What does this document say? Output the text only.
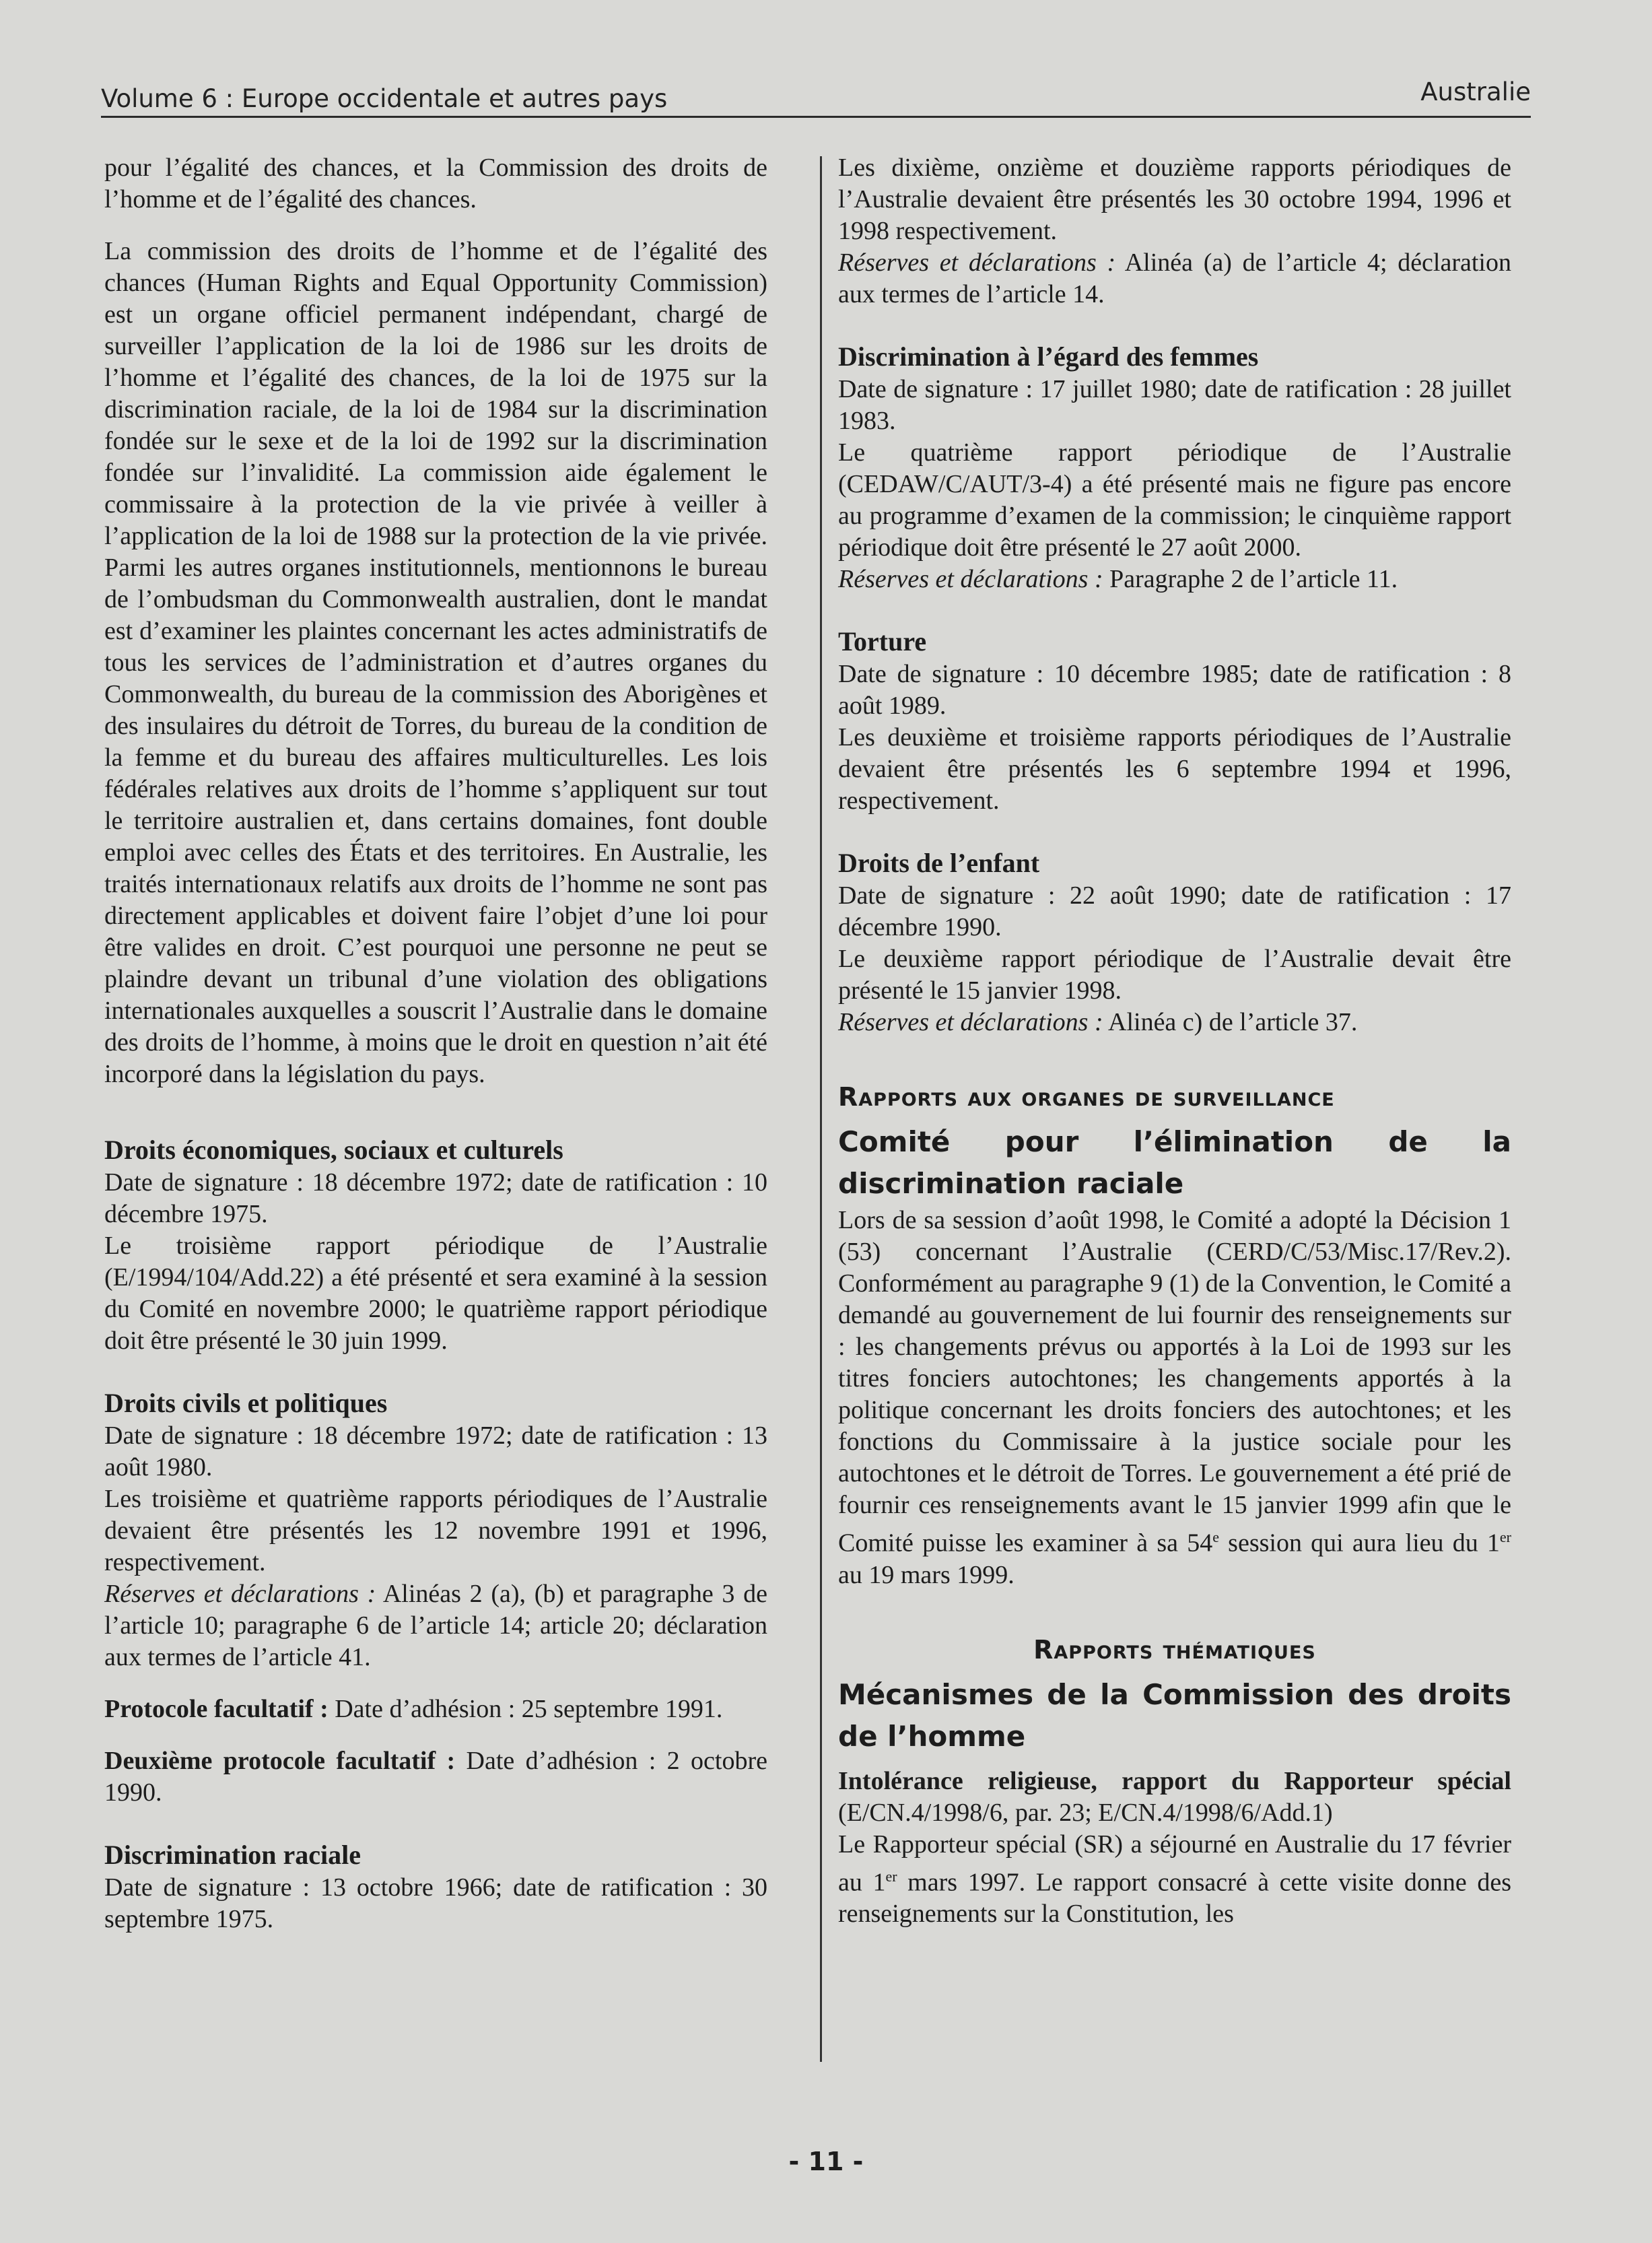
Volume 6 : Europe occidentale et autres pays	Australie

pour l’égalité des chances, et la Commission des droits de l’homme et de l’égalité des chances.

La commission des droits de l’homme et de l’égalité des chances (Human Rights and Equal Opportunity Commission) est un organe officiel permanent indépendant, chargé de surveiller l’application de la loi de 1986 sur les droits de l’homme et l’égalité des chances, de la loi de 1975 sur la discrimination raciale, de la loi de 1984 sur la discrimination fondée sur le sexe et de la loi de 1992 sur la discrimination fondée sur l’invalidité. La commission aide également le commissaire à la protection de la vie privée à veiller à l’application de la loi de 1988 sur la protection de la vie privée. Parmi les autres organes institutionnels, mentionnons le bureau de l’ombudsman du Commonwealth australien, dont le mandat est d’examiner les plaintes concernant les actes administratifs de tous les services de l’administration et d’autres organes du Commonwealth, du bureau de la commission des Aborigènes et des insulaires du détroit de Torres, du bureau de la condition de la femme et du bureau des affaires multiculturelles. Les lois fédérales relatives aux droits de l’homme s’appliquent sur tout le territoire australien et, dans certains domaines, font double emploi avec celles des États et des territoires. En Australie, les traités internationaux relatifs aux droits de l’homme ne sont pas directement applicables et doivent faire l’objet d’une loi pour être valides en droit. C’est pourquoi une personne ne peut se plaindre devant un tribunal d’une violation des obligations internationales auxquelles a souscrit l’Australie dans le domaine des droits de l’homme, à moins que le droit en question n’ait été incorporé dans la législation du pays.

Droits économiques, sociaux et culturels

Date de signature : 18 décembre 1972; date de ratification : 10 décembre 1975.

Le troisième rapport périodique de l’Australie (E/1994/104/Add.22) a été présenté et sera examiné à la session du Comité en novembre 2000; le quatrième rapport périodique doit être présenté le 30 juin 1999.

Droits civils et politiques

Date de signature : 18 décembre 1972; date de ratification : 13 août 1980.

Les troisième et quatrième rapports périodiques de l’Australie devaient être présentés les 12 novembre 1991 et 1996, respectivement.

Réserves et déclarations : Alinéas 2 (a), (b) et paragraphe 3 de l’article 10; paragraphe 6 de l’article 14; article 20; déclaration aux termes de l’article 41.

Protocole facultatif : Date d’adhésion : 25 septembre 1991.

Deuxième protocole facultatif : Date d’adhésion : 2 octobre 1990.

Discrimination raciale

Date de signature : 13 octobre 1966; date de ratification : 30 septembre 1975.

Les dixième, onzième et douzième rapports périodiques de l’Australie devaient être présentés les 30 octobre 1994, 1996 et 1998 respectivement.

Réserves et déclarations : Alinéa (a) de l’article 4; déclaration aux termes de l’article 14.

Discrimination à l’égard des femmes

Date de signature : 17 juillet 1980; date de ratification : 28 juillet 1983.

Le quatrième rapport périodique de l’Australie (CEDAW/C/AUT/3-4) a été présenté mais ne figure pas encore au programme d’examen de la commission; le cinquième rapport périodique doit être présenté le 27 août 2000.

Réserves et déclarations : Paragraphe 2 de l’article 11.

Torture

Date de signature : 10 décembre 1985; date de ratification : 8 août 1989.

Les deuxième et troisième rapports périodiques de l’Australie devaient être présentés les 6 septembre 1994 et 1996, respectivement.

Droits de l’enfant

Date de signature : 22 août 1990; date de ratification : 17 décembre 1990.

Le deuxième rapport périodique de l’Australie devait être présenté le 15 janvier 1998.

Réserves et déclarations : Alinéa c) de l’article 37.

Rapports aux organes de surveillance

Comité pour l’élimination de la discrimination raciale

Lors de sa session d’août 1998, le Comité a adopté la Décision 1 (53) concernant l’Australie (CERD/C/53/Misc.17/Rev.2). Conformément au paragraphe 9 (1) de la Convention, le Comité a demandé au gouvernement de lui fournir des renseignements sur : les changements prévus ou apportés à la Loi de 1993 sur les titres fonciers autochtones; les changements apportés à la politique concernant les droits fonciers des autochtones; et les fonctions du Commissaire à la justice sociale pour les autochtones et le détroit de Torres. Le gouvernement a été prié de fournir ces renseignements avant le 15 janvier 1999 afin que le Comité puisse les examiner à sa 54e session qui aura lieu du 1er au 19 mars 1999.

Rapports thématiques

Mécanismes de la Commission des droits de l’homme

Intolérance religieuse, rapport du Rapporteur spécial (E/CN.4/1998/6, par. 23; E/CN.4/1998/6/Add.1)

Le Rapporteur spécial (SR) a séjourné en Australie du 17 février au 1er mars 1997. Le rapport consacré à cette visite donne des renseignements sur la Constitution, les

- 11 -
